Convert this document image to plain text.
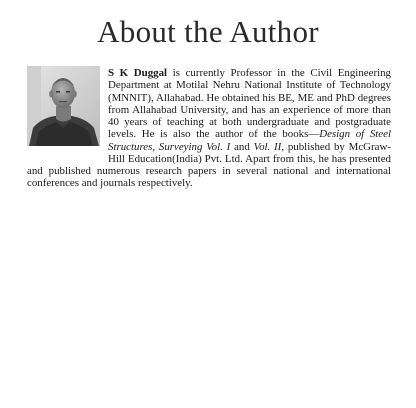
About the Author

S K Duggal is currently Professor in the Civil Engineering Department at Motilal Nehru National Institute of Technology (MNNIT), Allahabad. He obtained his BE, ME and PhD degrees from Allahabad University, and has an experience of more than 40 years of teaching at both undergraduate and postgraduate levels. He is also the author of the books—Design of Steel Structures, Surveying Vol. I and Vol. II, published by McGraw-Hill Education(India) Pvt. Ltd. Apart from this, he has presented and published numerous research papers in several national and international conferences and journals respectively.
